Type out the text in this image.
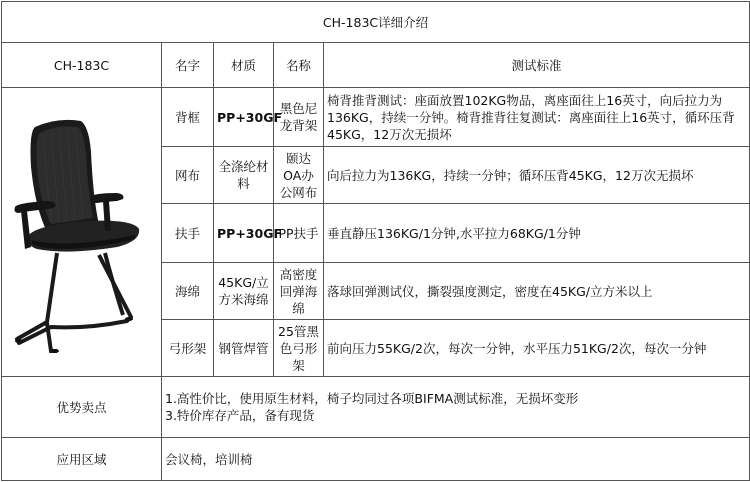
CH-183C详细介绍				
CH-183C	名字	材质	名称	测试标准

	背框	PP+30GF	黑色尼龙背架	椅背推背测试：座面放置102KG物品，离座面往上16英寸，向后拉力为136KG，持续一分钟。椅背推背往复测试：离座面往上16英寸，循环压背45KG，12万次无损坏
	网布	全涤纶材料	颐达OA办公网布	向后拉力为136KG，持续一分钟；循环压背45KG，12万次无损坏
	扶手	PP+30GF	PP扶手	垂直静压136KG/1分钟,水平拉力68KG/1分钟
	海绵	45KG/立方米海绵	高密度回弹海绵	落球回弹测试仪，撕裂强度测定，密度在45KG/立方米以上
	弓形架	钢管焊管	25管黑色弓形架	前向压力55KG/2次，每次一分钟，水平压力51KG/2次，每次一分钟
优势卖点	1.高性价比，使用原生材料，椅子均同过各项BIFMA测试标准，无损坏变形
3.特价库存产品，备有现货			

应用区域	会议椅，培训椅			
